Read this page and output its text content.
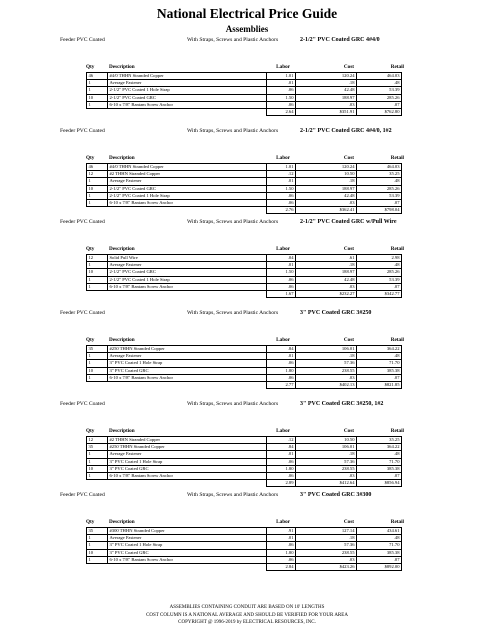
National Electrical Price Guide
Assemblies
Feeder PVC Coated	With Straps, Screws and Plastic Anchors	2-1/2" PVC Coated GRC 4#4/0
Qty	Description	Labor	Cost	Retail
46	#4/0 THHN Stranded Copper	1.01	120.24	464.03
1	Average Fastener	.01	.18	.48
1	2-1/2" PVC Coated 1 Hole Strap	.06	42.48	53.39
10	2-1/2" PVC Coated GRC	1.50	188.97	285.26
1	6-10 x 7/8" Bantam Screw Anchor	.06	.03	.07
		2.64	$351.91	$762.80
Feeder PVC Coated	With Straps, Screws and Plastic Anchors	2-1/2" PVC Coated GRC 4#4/0, 1#2
Qty	Description	Labor	Cost	Retail
46	#4/0 THHN Stranded Copper	1.01	120.24	464.03
12	#2 THHN Stranded Copper	.12	10.50	35.25
1	Average Fastener	.01	.18	.48
10	2-1/2" PVC Coated GRC	1.50	188.97	285.26
1	2-1/2" PVC Coated 1 Hole Strap	.06	42.48	53.39
1	6-10 x 7/8" Bantam Screw Anchor	.06	.03	.07
		2.76	$362.41	$798.04
Feeder PVC Coated	With Straps, Screws and Plastic Anchors	2-1/2" PVC Coated GRC w/Pull Wire
Qty	Description	Labor	Cost	Retail
12	Solid Pull Wire	.04	.61	2.98
1	Average Fastener	.01	.18	.48
10	2-1/2" PVC Coated GRC	1.50	188.97	285.26
1	2-1/2" PVC Coated 1 Hole Strap	.06	42.48	53.39
1	6-10 x 7/8" Bantam Screw Anchor	.06	.03	.07
		1.67	$232.27	$342.77
Feeder PVC Coated	With Straps, Screws and Plastic Anchors	3" PVC Coated GRC 3#250
Qty	Description	Labor	Cost	Retail
35	#250 THHN Stranded Copper	.84	106.01	364.22
1	Average Fastener	.01	.18	.48
1	3" PVC Coated 1 Hole Strap	.06	57.36	71.70
10	3" PVC Coated GRC	1.80	238.55	385.38
1	6-10 x 7/8" Bantam Screw Anchor	.06	.03	.07
		2.77	$402.13	$821.85
Feeder PVC Coated	With Straps, Screws and Plastic Anchors	3" PVC Coated GRC 3#250, 1#2
Qty	Description	Labor	Cost	Retail
12	#2 THHN Stranded Copper	.12	10.50	35.25
35	#250 THHN Stranded Copper	.84	106.01	364.22
1	Average Fastener	.01	.18	.48
1	3" PVC Coated 1 Hole Strap	.06	57.36	71.70
10	3" PVC Coated GRC	1.80	238.55	385.38
1	6-10 x 7/8" Bantam Screw Anchor	.06	.03	.07
		2.89	$412.64	$856.94
Feeder PVC Coated	With Straps, Screws and Plastic Anchors	3" PVC Coated GRC 3#300
Qty	Description	Labor	Cost	Retail
35	#300 THHN Stranded Copper	.91	127.14	434.61
1	Average Fastener	.01	.18	.48
1	3" PVC Coated 1 Hole Strap	.06	57.36	71.70
10	3" PVC Coated GRC	1.80	238.55	385.38
1	6-10 x 7/8" Bantam Screw Anchor	.06	.03	.07
		2.84	$423.26	$892.00
ASSEMBLIES CONTAINING CONDUIT ARE BASED ON 10' LENGTHS
COST COLUMN IS A NATIONAL AVERAGE AND SHOULD BE VERIFIED FOR YOUR AREA
COPYRIGHT @ 1996-2019 by ELECTRICAL RESOURCES, INC.
